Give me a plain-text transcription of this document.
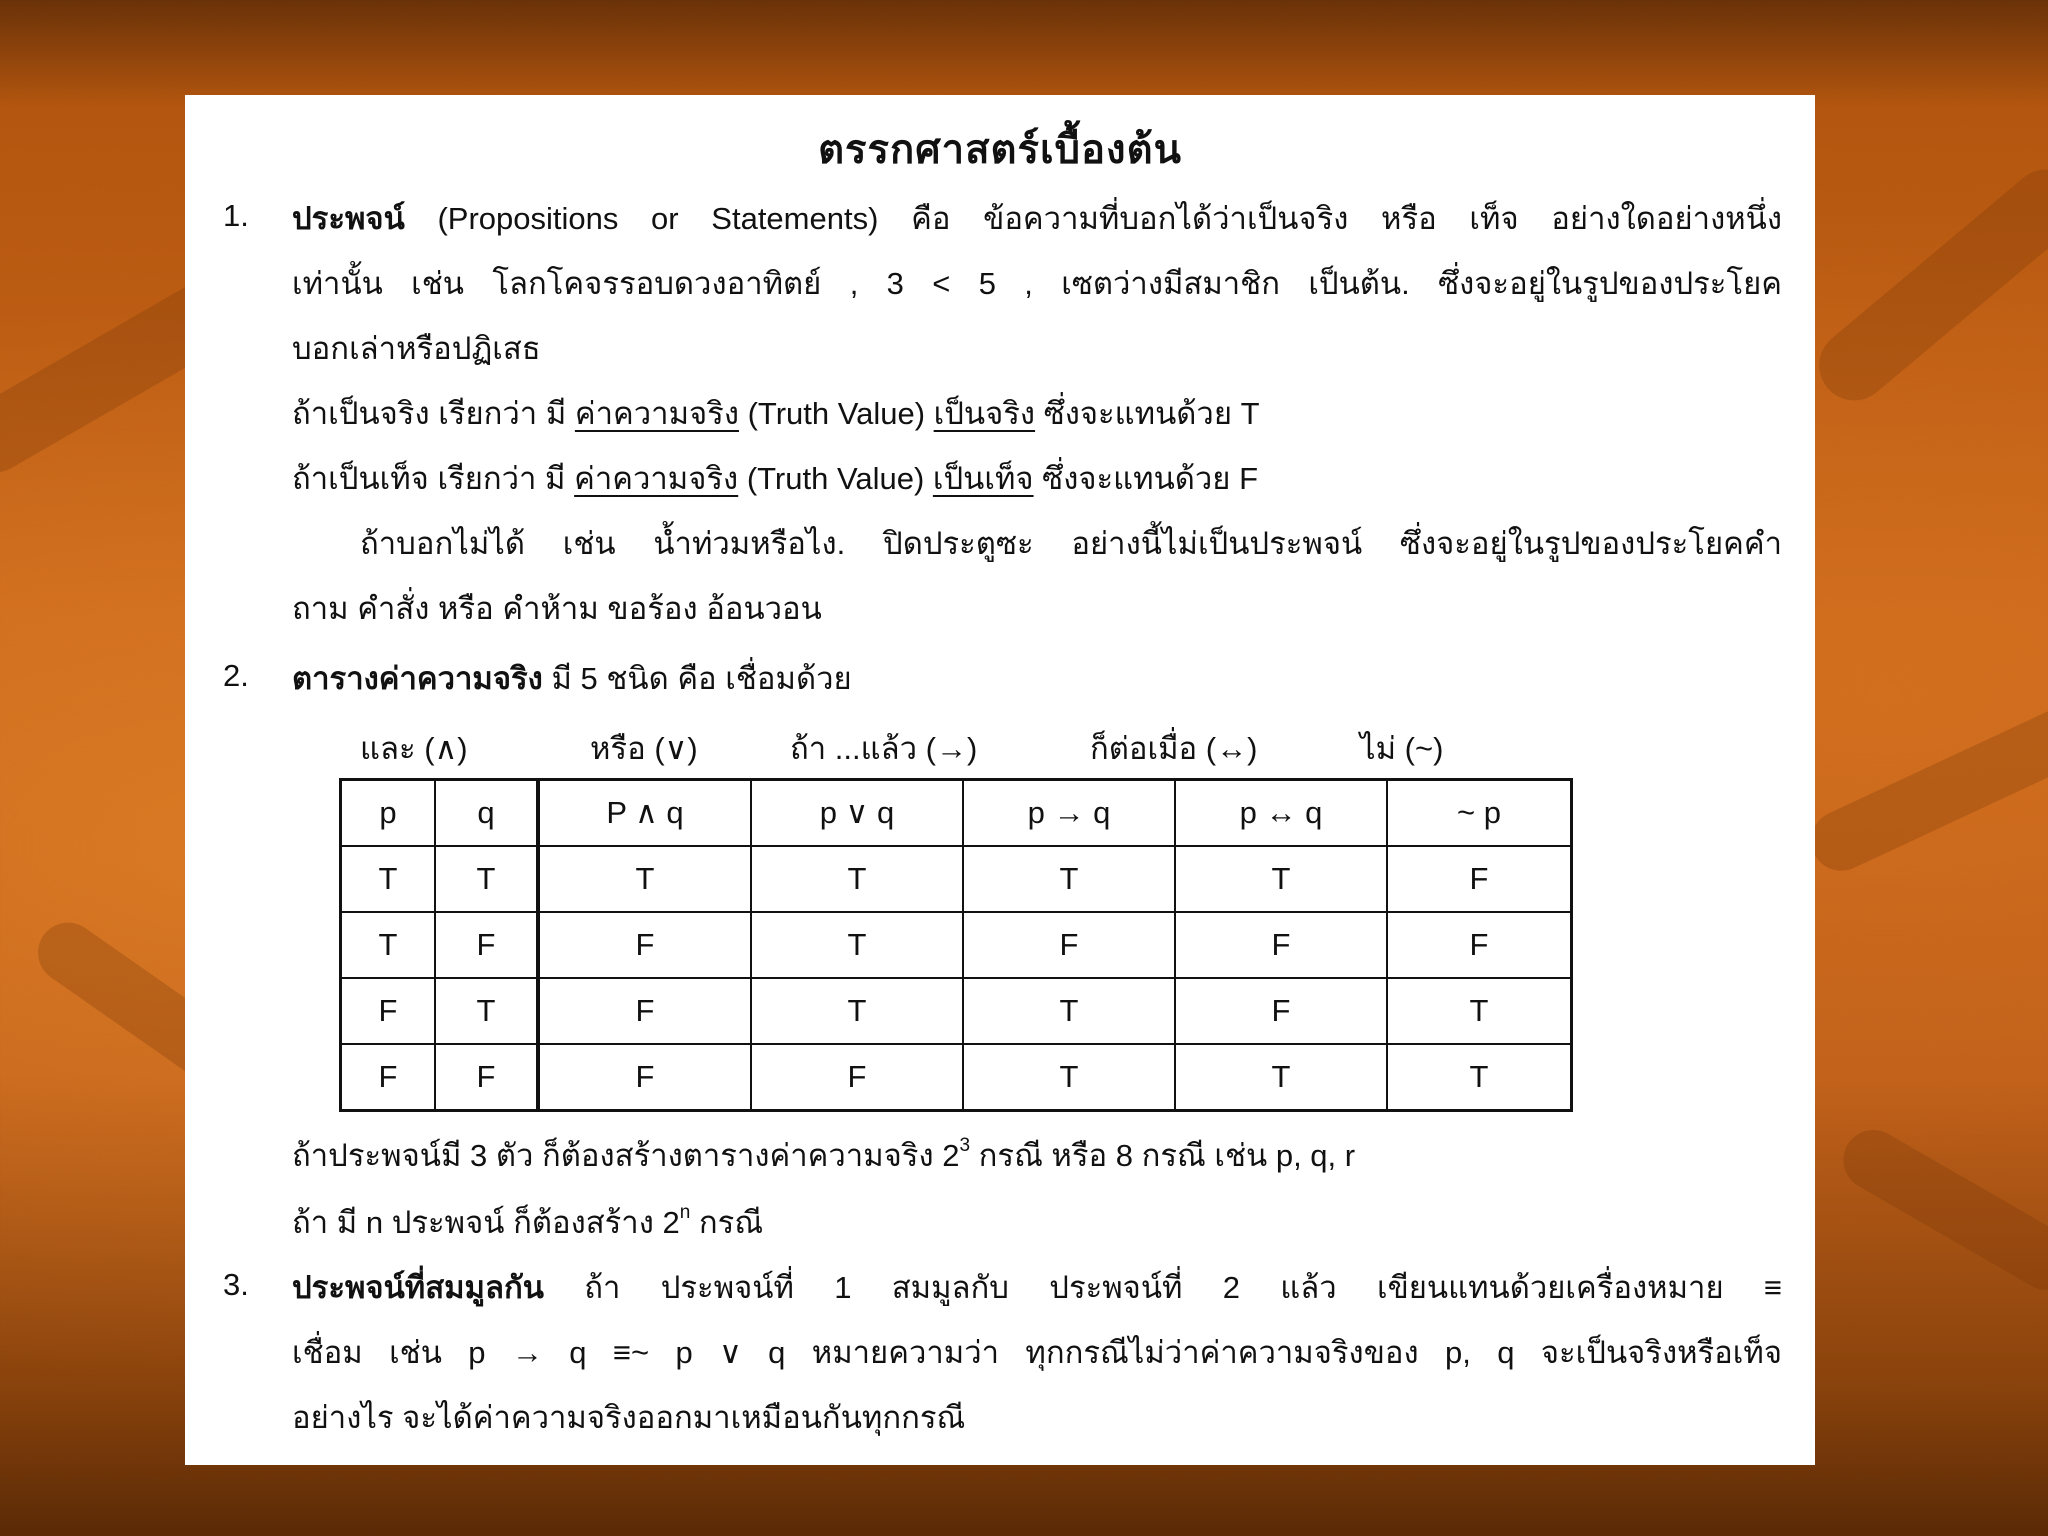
ตรรกศาสตร์เบื้องต้น
1. ประพจน์ (Propositions or Statements) คือ ข้อความที่บอกได้ว่าเป็นจริง หรือ เท็จ อย่างใดอย่างหนึ่ง
เท่านั้น เช่น โลกโคจรรอบดวงอาทิตย์ , 3 < 5 , เซตว่างมีสมาชิก เป็นต้น. ซึ่งจะอยู่ในรูปของประโยค
บอกเล่าหรือปฏิเสธ
ถ้าเป็นจริง เรียกว่า มี ค่าความจริง (Truth Value) เป็นจริง ซึ่งจะแทนด้วย T
ถ้าเป็นเท็จ เรียกว่า มี ค่าความจริง (Truth Value) เป็นเท็จ ซึ่งจะแทนด้วย F
ถ้าบอกไม่ได้ เช่น น้ำท่วมหรือไง. ปิดประตูซะ อย่างนี้ไม่เป็นประพจน์ ซึ่งจะอยู่ในรูปของประโยคคำ
ถาม คำสั่ง หรือ คำห้าม ขอร้อง อ้อนวอน
2. ตารางค่าความจริง มี 5 ชนิด คือ เชื่อมด้วย
และ (∧)	หรือ (∨)	ถ้า ...แล้ว (→)	ก็ต่อเมื่อ (↔)	ไม่ (~)
p	q	P ∧ q	p ∨ q	p → q	p ↔ q	~ p
T	T	T	T	T	T	F
T	F	F	T	F	F	F
F	T	F	T	T	F	T
F	F	F	F	T	T	T
ถ้าประพจน์มี 3 ตัว ก็ต้องสร้างตารางค่าความจริง $2^3$ กรณี หรือ 8 กรณี เช่น p, q, r
ถ้า มี n ประพจน์ ก็ต้องสร้าง 2$^n$ กรณี
3. ประพจน์ที่สมมูลกัน ถ้า ประพจน์ที่ 1 สมมูลกับ ประพจน์ที่ 2 แล้ว เขียนแทนด้วยเครื่องหมาย ≡
เชื่อม เช่น p → q ≡~ p ∨ q หมายความว่า ทุกกรณีไม่ว่าค่าความจริงของ p, q จะเป็นจริงหรือเท็จ
อย่างไร จะได้ค่าความจริงออกมาเหมือนกันทุกกรณี
